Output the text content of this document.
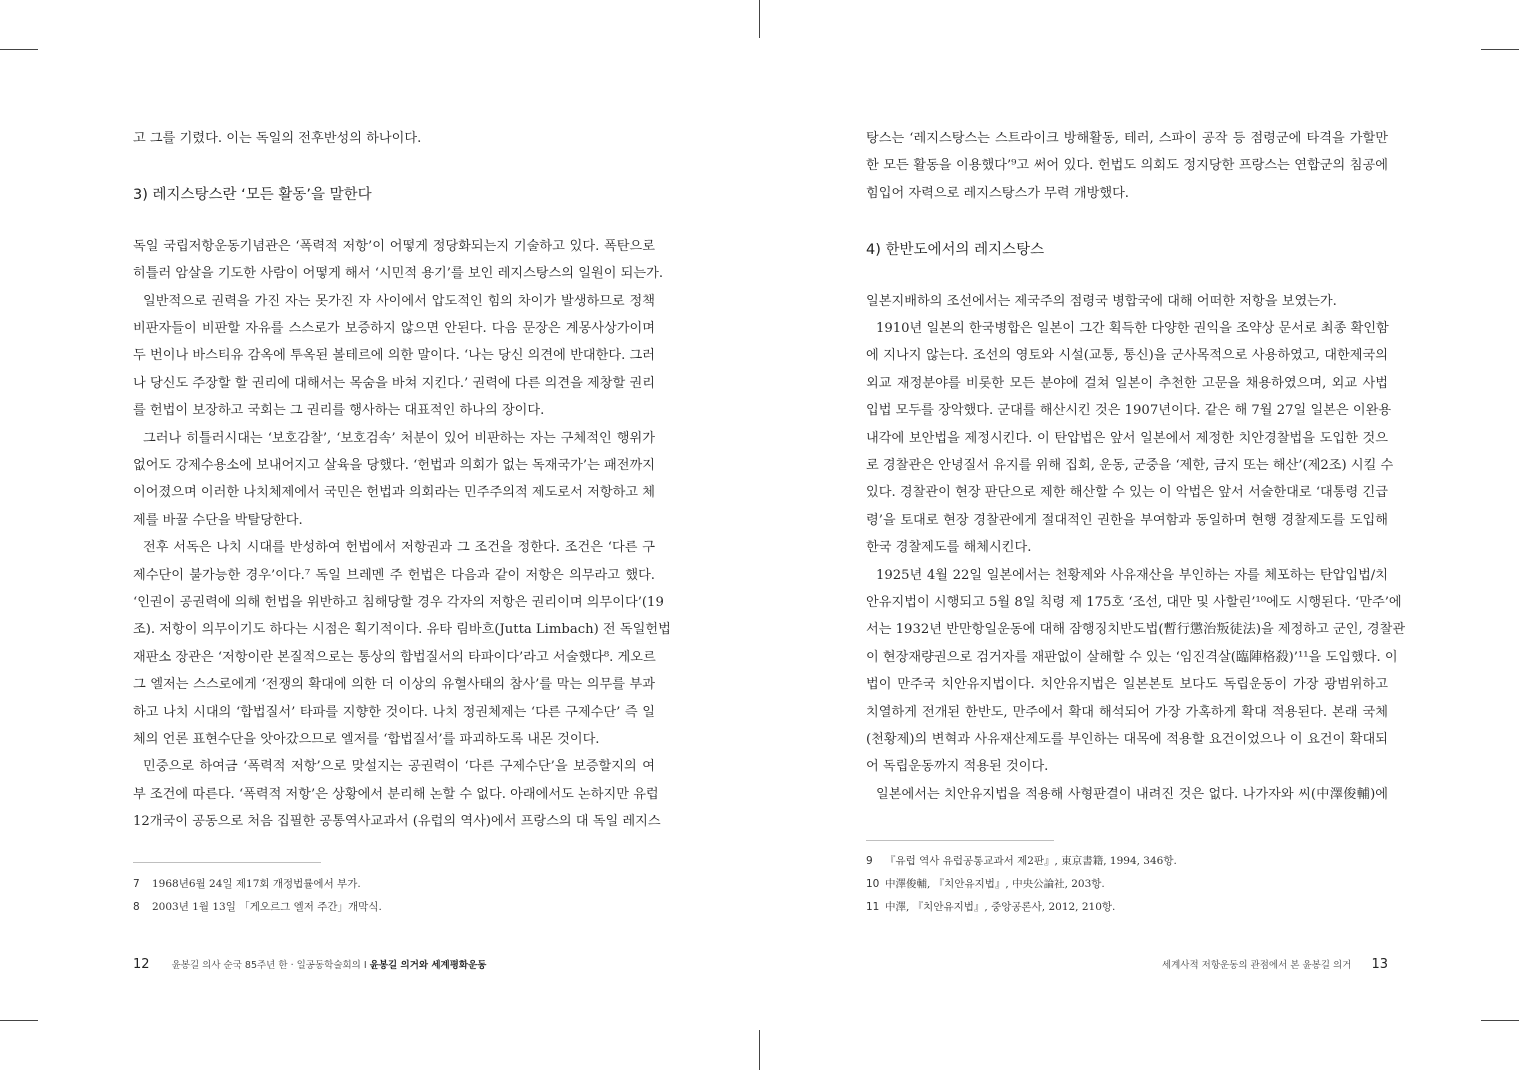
고 그를 기렸다. 이는 독일의 전후반성의 하나이다.
3) 레지스탕스란 ‘모든 활동’을 말한다
독일 국립저항운동기념관은 ‘폭력적 저항’이 어떻게 정당화되는지 기술하고 있다. 폭탄으로
히틀러 암살을 기도한 사람이 어떻게 해서 ‘시민적 용기’를 보인 레지스탕스의 일원이 되는가.
일반적으로 권력을 가진 자는 못가진 자 사이에서 압도적인 힘의 차이가 발생하므로 정책
비판자들이 비판할 자유를 스스로가 보증하지 않으면 안된다. 다음 문장은 계몽사상가이며
두 번이나 바스티유 감옥에 투옥된 볼테르에 의한 말이다. ‘나는 당신 의견에 반대한다. 그러
나 당신도 주장할 할 권리에 대해서는 목숨을 바쳐 지킨다.’ 권력에 다른 의견을 제창할 권리
를 헌법이 보장하고 국회는 그 권리를 행사하는 대표적인 하나의 장이다.
그러나 히틀러시대는 ‘보호감찰’, ‘보호검속’ 처분이 있어 비판하는 자는 구체적인 행위가
없어도 강제수용소에 보내어지고 살육을 당했다. ‘헌법과 의회가 없는 독재국가’는 패전까지
이어졌으며 이러한 나치체제에서 국민은 헌법과 의회라는 민주주의적 제도로서 저항하고 체
제를 바꿀 수단을 박탈당한다.
전후 서독은 나치 시대를 반성하여 헌법에서 저항권과 그 조건을 정한다. 조건은 ‘다른 구
제수단이 불가능한 경우’이다.⁷ 독일 브레멘 주 헌법은 다음과 같이 저항은 의무라고 했다.
‘인권이 공권력에 의해 헌법을 위반하고 침해당할 경우 각자의 저항은 권리이며 의무이다’(19
조). 저항이 의무이기도 하다는 시점은 획기적이다. 유타 림바흐(Jutta Limbach) 전 독일헌법
재판소 장관은 ‘저항이란 본질적으로는 통상의 합법질서의 타파이다’라고 서술했다⁸. 게오르
그 엘저는 스스로에게 ‘전쟁의 확대에 의한 더 이상의 유혈사태의 참사’를 막는 의무를 부과
하고 나치 시대의 ‘합법질서’ 타파를 지향한 것이다. 나치 정권체제는 ‘다른 구제수단’ 즉 일
체의 언론 표현수단을 앗아갔으므로 엘저를 ‘합법질서’를 파괴하도록 내몬 것이다.
민중으로 하여금 ‘폭력적 저항’으로 맞설지는 공권력이 ‘다른 구제수단’을 보증할지의 여
부 조건에 따른다. ‘폭력적 저항’은 상황에서 분리해 논할 수 없다. 아래에서도 논하지만 유럽
12개국이 공동으로 처음 집필한 공통역사교과서 (유럽의 역사)에서 프랑스의 대 독일 레지스
7 1968년6월 24일 제17회 개정법률에서 부가.
8 2003년 1월 13일 「게오르그 엘저 주간」개막식.
12 윤봉길 의사 순국 85주년 한 · 일공동학술회의 I 윤봉길 의거와 세계평화운동
탕스는 ‘레지스탕스는 스트라이크 방해활동, 테러, 스파이 공작 등 점령군에 타격을 가할만
한 모든 활동을 이용했다’⁹고 써어 있다. 헌법도 의회도 정지당한 프랑스는 연합군의 침공에
힘입어 자력으로 레지스탕스가 무력 개방했다.
4) 한반도에서의 레지스탕스
일본지배하의 조선에서는 제국주의 점령국 병합국에 대해 어떠한 저항을 보였는가.
1910년 일본의 한국병합은 일본이 그간 획득한 다양한 권익을 조약상 문서로 최종 확인함
에 지나지 않는다. 조선의 영토와 시설(교통, 통신)을 군사목적으로 사용하였고, 대한제국의
외교 재정분야를 비롯한 모든 분야에 걸쳐 일본이 추천한 고문을 채용하였으며, 외교 사법
입법 모두를 장악했다. 군대를 해산시킨 것은 1907년이다. 같은 해 7월 27일 일본은 이완용
내각에 보안법을 제정시킨다. 이 탄압법은 앞서 일본에서 제정한 치안경찰법을 도입한 것으
로 경찰관은 안녕질서 유지를 위해 집회, 운동, 군중을 ‘제한, 금지 또는 해산’(제2조) 시킬 수
있다. 경찰관이 현장 판단으로 제한 해산할 수 있는 이 악법은 앞서 서술한대로 ‘대통령 긴급
령’을 토대로 현장 경찰관에게 절대적인 권한을 부여함과 동일하며 현행 경찰제도를 도입해
한국 경찰제도를 해체시킨다.
1925년 4월 22일 일본에서는 천황제와 사유재산을 부인하는 자를 체포하는 탄압입법/치
안유지법이 시행되고 5월 8일 칙령 제 175호 ‘조선, 대만 및 사할린’¹⁰에도 시행된다. ‘만주’에
서는 1932년 반만항일운동에 대해 잠행징치반도법(暫行懲治叛徒法)을 제정하고 군인, 경찰관
이 현장재량권으로 검거자를 재판없이 살해할 수 있는 ‘임진격살(臨陣格殺)’¹¹을 도입했다. 이
법이 만주국 치안유지법이다. 치안유지법은 일본본토 보다도 독립운동이 가장 광범위하고
치열하게 전개된 한반도, 만주에서 확대 해석되어 가장 가혹하게 확대 적용된다. 본래 국체
(천황제)의 변혁과 사유재산제도를 부인하는 대목에 적용할 요건이었으나 이 요건이 확대되
어 독립운동까지 적용된 것이다.
일본에서는 치안유지법을 적용해 사형판결이 내려진 것은 없다. 나가자와 씨(中澤俊輔)에
9 『유럽 역사 유럽공통교과서 제2판』, 東京書籍, 1994, 346항.
10 中澤俊輔, 『치안유지법』, 中央公論社, 203항.
11 中澤, 『치안유지법』, 중앙공론사, 2012, 210항.
세계사적 저항운동의 관점에서 본 윤봉길 의거 13
